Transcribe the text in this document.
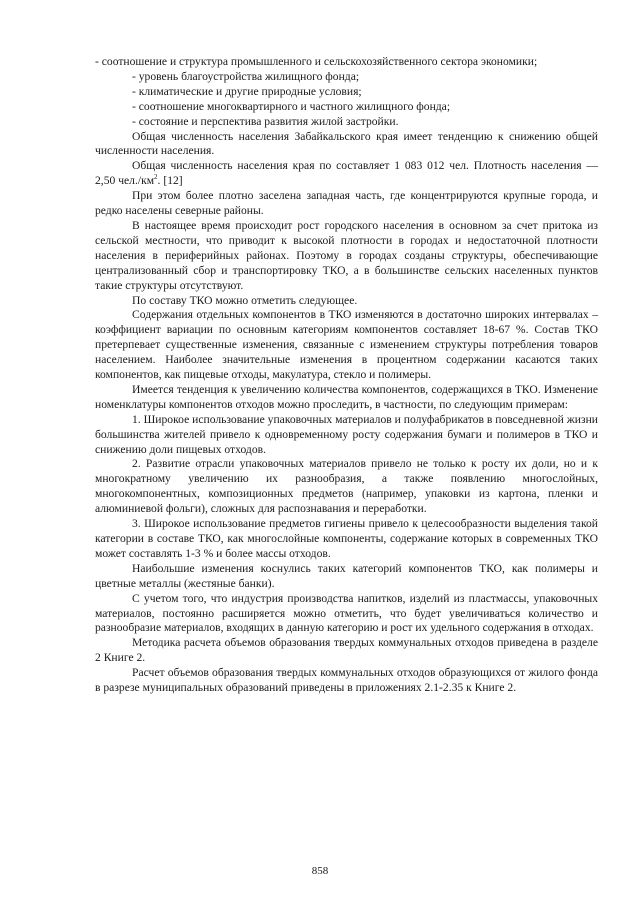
- соотношение и структура промышленного и сельскохозяйственного сектора экономики;

- уровень благоустройства жилищного фонда;

- климатические и другие природные условия;

- соотношение многоквартирного и частного жилищного фонда;

- состояние и перспектива развития жилой застройки.

Общая численность населения Забайкальского края имеет тенденцию к снижению общей численности населения.

Общая численность населения края по составляет 1 083 012 чел. Плотность населения — 2,50 $чел./км^2$. [12]

При этом более плотно заселена западная часть, где концентрируются крупные города, и редко населены северные районы.

В настоящее время происходит рост городского населения в основном за счет притока из сельской местности, что приводит к высокой плотности в городах и недостаточной плотности населения в периферийных районах. Поэтому в городах созданы структуры, обеспечивающие централизованный сбор и транспортировку ТКО, а в большинстве сельских населенных пунктов такие структуры отсутствуют.

По составу ТКО можно отметить следующее.

Содержания отдельных компонентов в ТКО изменяются в достаточно широких интервалах – коэффициент вариации по основным категориям компонентов составляет 18-67 %. Состав ТКО претерпевает существенные изменения, связанные с изменением структуры потребления товаров населением. Наиболее значительные изменения в процентном содержании касаются таких компонентов, как пищевые отходы, макулатура, стекло и полимеры.

Имеется тенденция к увеличению количества компонентов, содержащихся в ТКО. Изменение номенклатуры компонентов отходов можно проследить, в частности, по следующим примерам:

1. Широкое использование упаковочных материалов и полуфабрикатов в повседневной жизни большинства жителей привело к одновременному росту содержания бумаги и полимеров в ТКО и снижению доли пищевых отходов.

2. Развитие отрасли упаковочных материалов привело не только к росту их доли, но и к многократному увеличению их разнообразия, а также появлению многослойных, многокомпонентных, композиционных предметов (например, упаковки из картона, пленки и алюминиевой фольги), сложных для распознавания и переработки.

3. Широкое использование предметов гигиены привело к целесообразности выделения такой категории в составе ТКО, как многослойные компоненты, содержание которых в современных ТКО может составлять 1-3 % и более массы отходов.

Наибольшие изменения коснулись таких категорий компонентов ТКО, как полимеры и цветные металлы (жестяные банки).

С учетом того, что индустрия производства напитков, изделий из пластмассы, упаковочных материалов, постоянно расширяется можно отметить, что будет увеличиваться количество и разнообразие материалов, входящих в данную категорию и рост их удельного содержания в отходах.

Методика расчета объемов образования твердых коммунальных отходов приведена в разделе 2 Книге 2.

Расчет объемов образования твердых коммунальных отходов образующихся от жилого фонда в разрезе муниципальных образований приведены в приложениях 2.1-2.35 к Книге 2.

858
